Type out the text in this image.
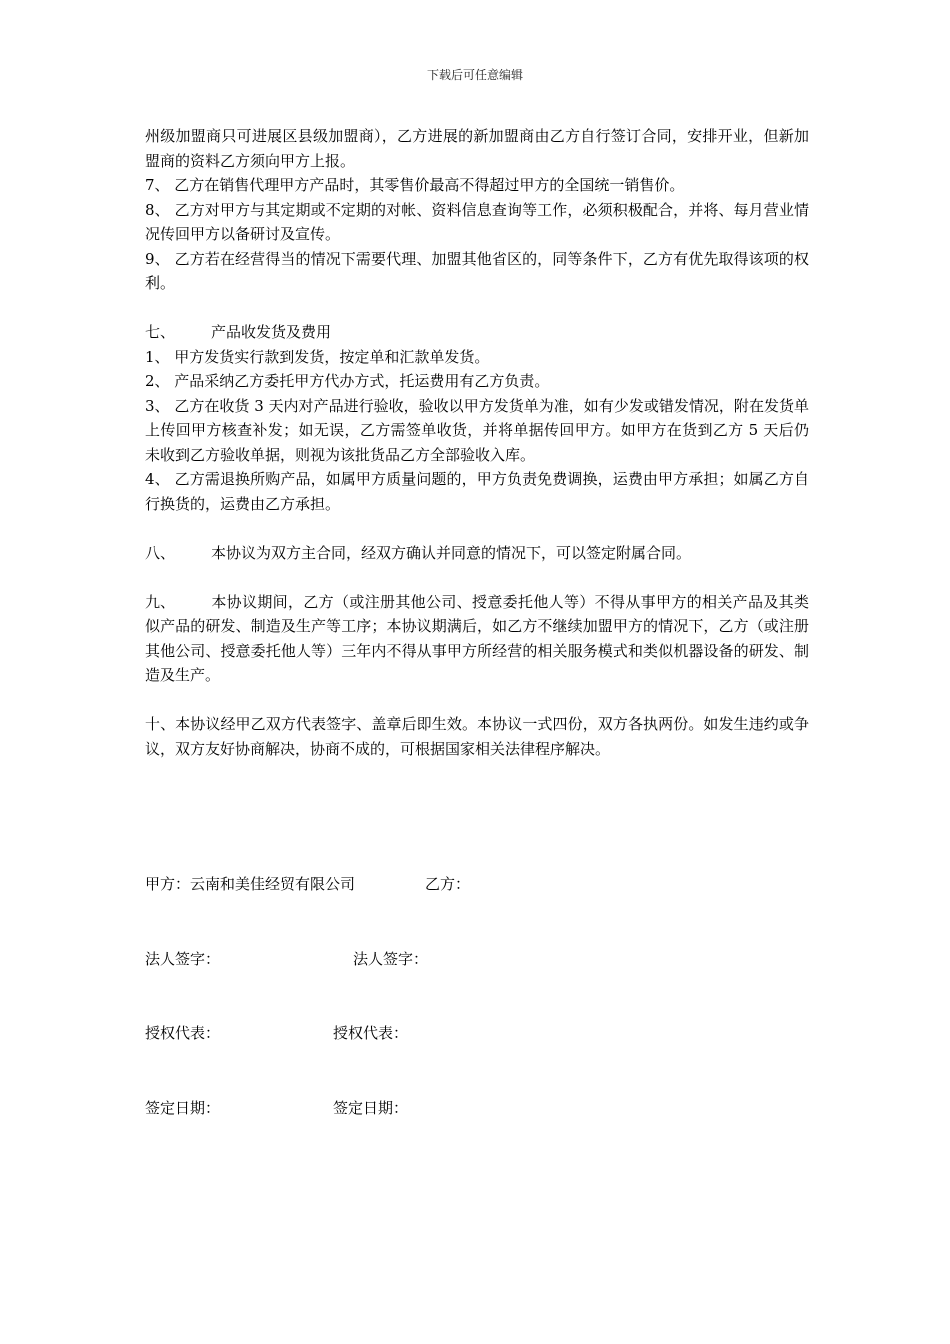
下载后可任意编辑

州级加盟商只可进展区县级加盟商），乙方进展的新加盟商由乙方自行签订合同，安排开业，但新加盟商的资料乙方须向甲方上报。

7、 乙方在销售代理甲方产品时，其零售价最高不得超过甲方的全国统一销售价。

8、 乙方对甲方与其定期或不定期的对帐、资料信息查询等工作，必须积极配合，并将、每月营业情况传回甲方以备研讨及宣传。

9、 乙方若在经营得当的情况下需要代理、加盟其他省区的，同等条件下，乙方有优先取得该项的权利。

七、 产品收发货及费用

1、 甲方发货实行款到发货，按定单和汇款单发货。

2、 产品采纳乙方委托甲方代办方式，托运费用有乙方负责。

3、 乙方在收货 3 天内对产品进行验收，验收以甲方发货单为准，如有少发或错发情况，附在发货单上传回甲方核查补发；如无误，乙方需签单收货，并将单据传回甲方。如甲方在货到乙方 5 天后仍未收到乙方验收单据，则视为该批货品乙方全部验收入库。

4、 乙方需退换所购产品，如属甲方质量问题的，甲方负责免费调换，运费由甲方承担；如属乙方自行换货的，运费由乙方承担。

八、 本协议为双方主合同，经双方确认并同意的情况下，可以签定附属合同。

九、 本协议期间，乙方（或注册其他公司、授意委托他人等）不得从事甲方的相关产品及其类似产品的研发、制造及生产等工序；本协议期满后，如乙方不继续加盟甲方的情况下，乙方（或注册其他公司、授意委托他人等）三年内不得从事甲方所经营的相关服务模式和类似机器设备的研发、制造及生产。

十、本协议经甲乙双方代表签字、盖章后即生效。本协议一式四份，双方各执两份。如发生违约或争议，双方友好协商解决，协商不成的，可根据国家相关法律程序解决。

甲方：云南和美佳经贸有限公司	乙方：
法人签字：	法人签字：
授权代表：	授权代表：
签定日期：	签定日期：
